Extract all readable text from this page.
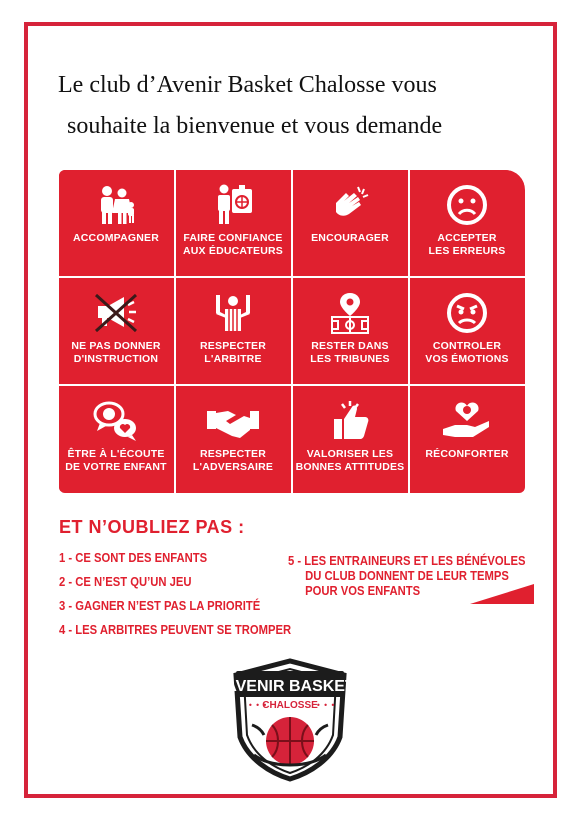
Le club d’Avenir Basket Chalosse vous
souhaite la bienvenue et vous demande
ACCOMPAGNER	FAIRE CONFIANCE
AUX ÉDUCATEURS
ENCOURAGER	ACCEPTER
LES ERREURS
NE PAS DONNER
D'INSTRUCTION
RESPECTER
L'ARBITRE
RESTER DANS
LES TRIBUNES
CONTROLER
VOS ÉMOTIONS
ÊTRE À L'ÉCOUTE
DE VOTRE ENFANT
RESPECTER
L'ADVERSAIRE
VALORISER LES
BONNES ATTITUDES
RÉCONFORTER
ET N’OUBLIEZ PAS :
1 - CE SONT DES ENFANTS
2 - CE N’EST QU’UN JEU
3 - GAGNER N’EST PAS LA PRIORITÉ
4 - LES ARBITRES PEUVENT SE TROMPER
5 - LES ENTRAINEURS ET LES BÉNÉVOLES
DU CLUB DONNENT DE LEUR TEMPS
POUR VOS ENFANTS
AVENIR BASKET
CHALOSSE
• • •	• • •
